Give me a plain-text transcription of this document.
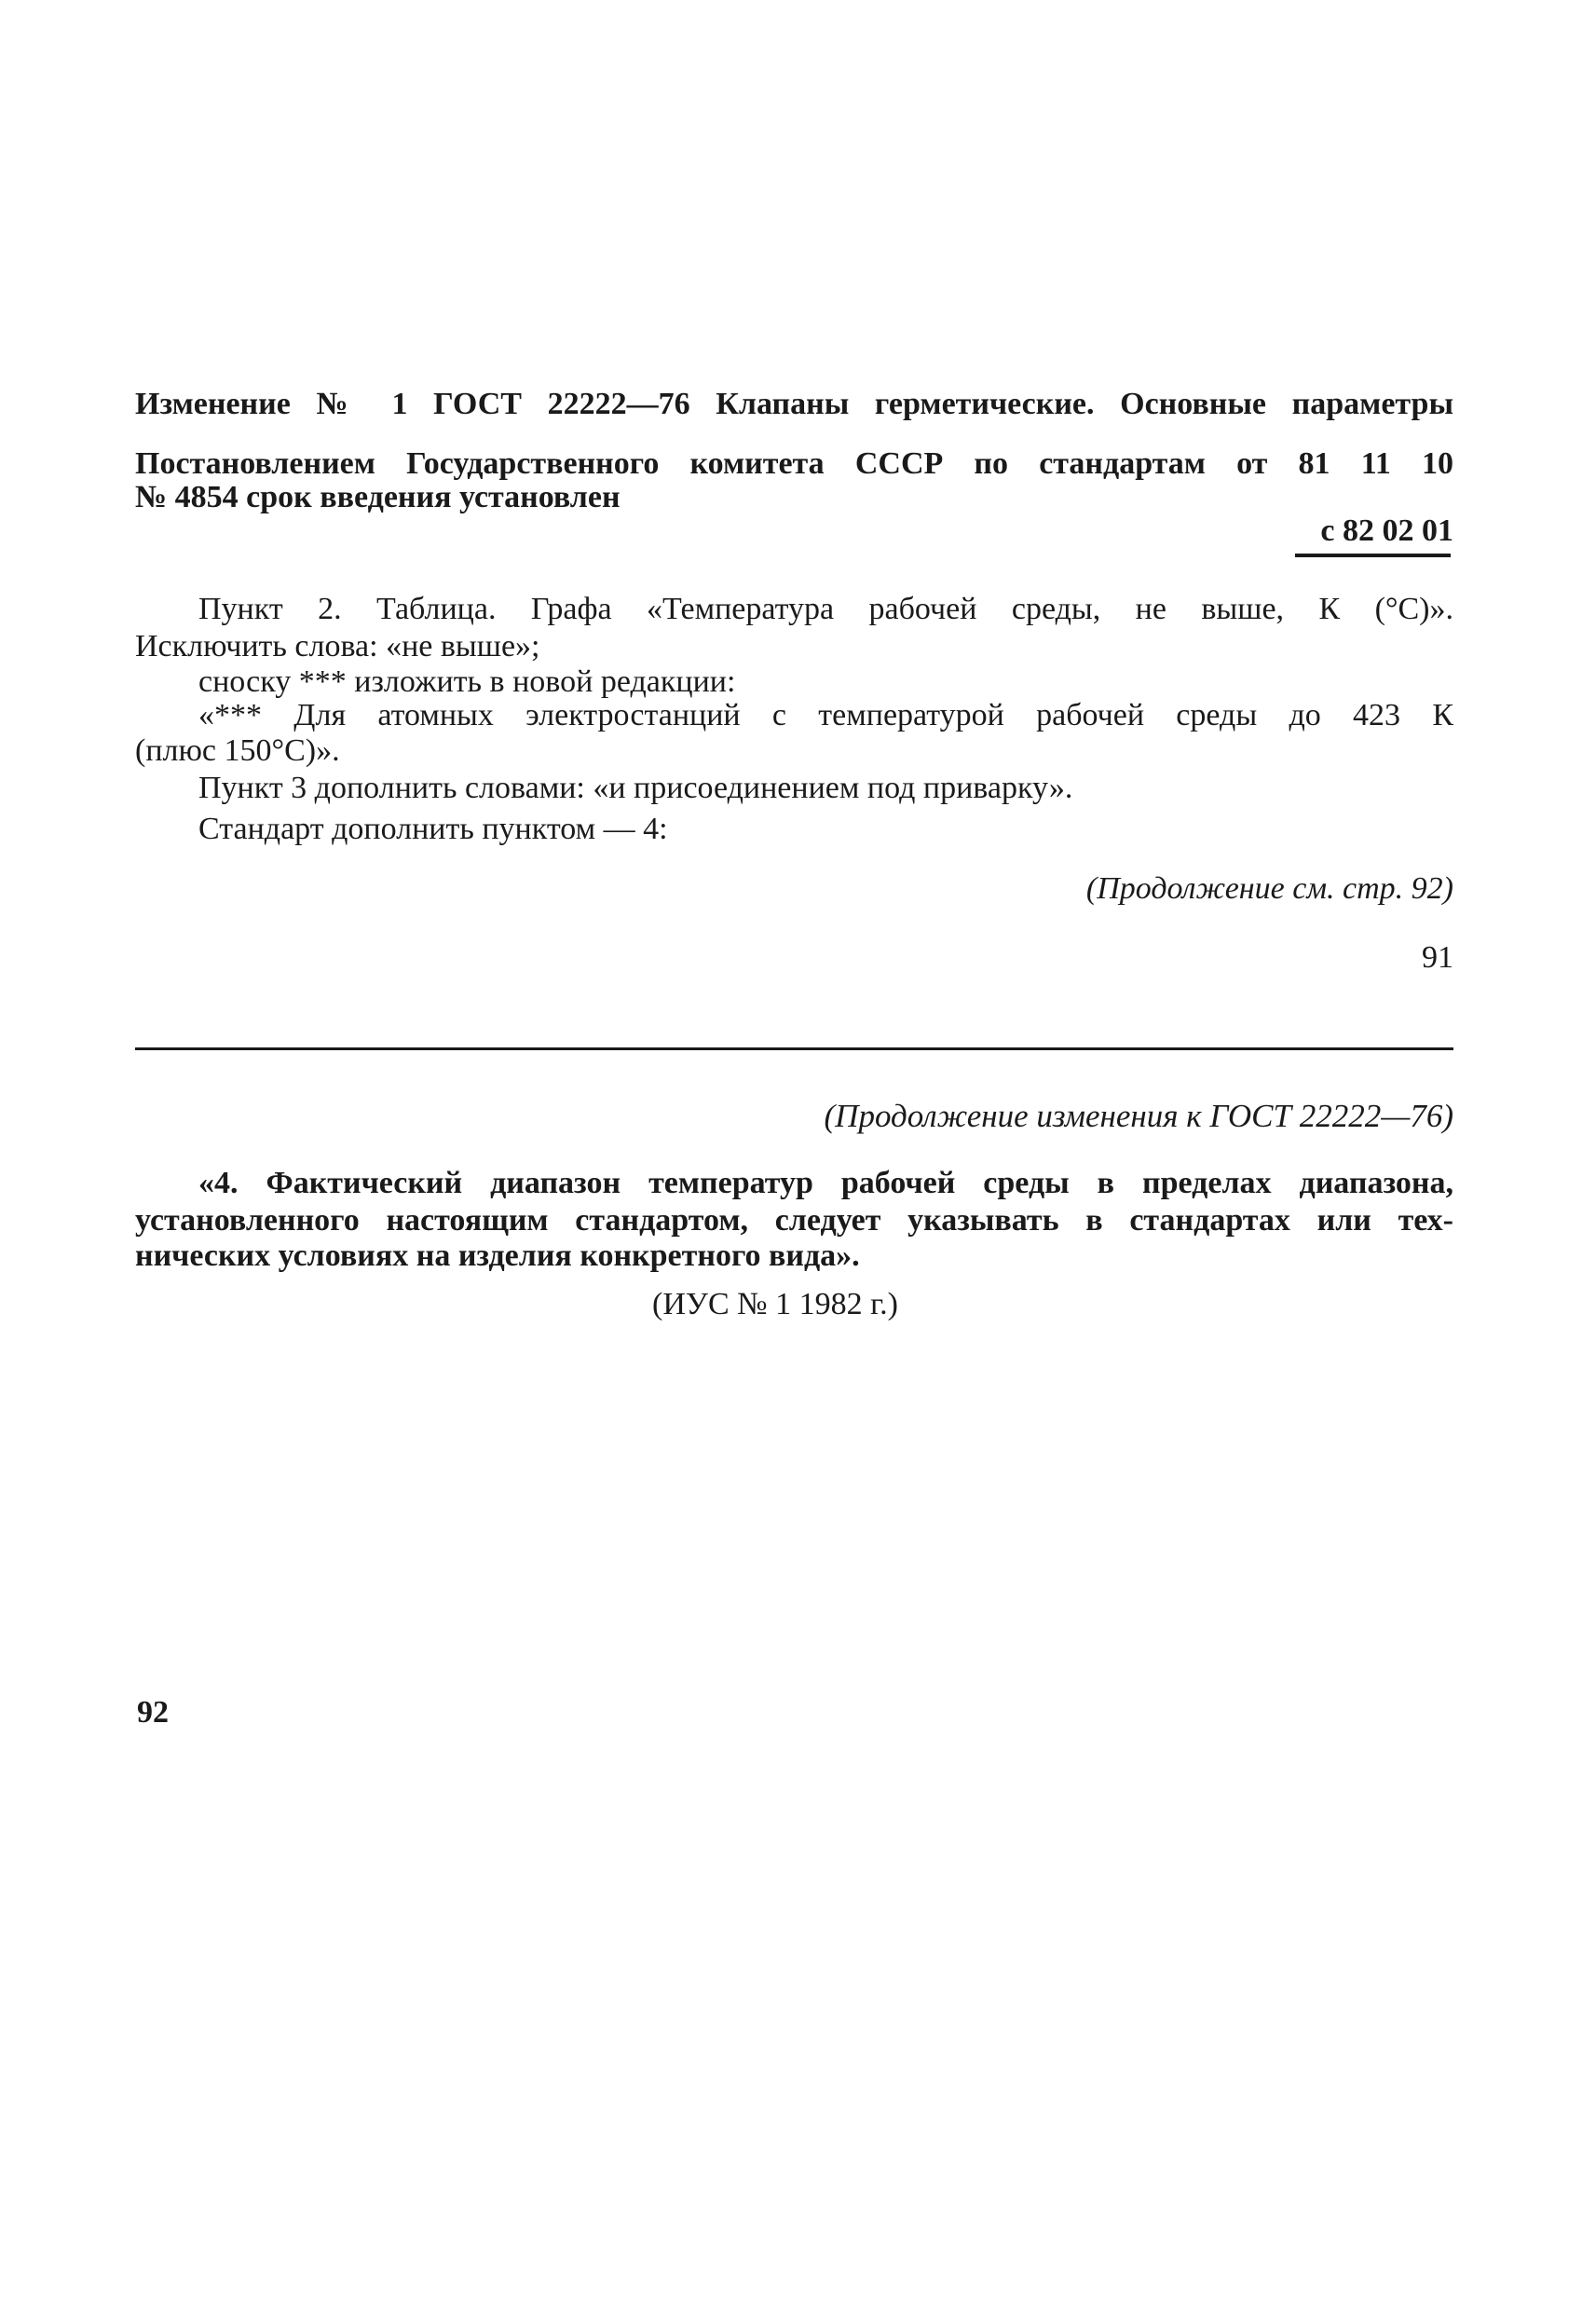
Изменение № 1 ГОСТ 22222—76 Клапаны герметические. Основные параметры
Постановлением Государственного комитета СССР по стандартам от 81 11 10
№ 4854 срок введения установлен
с 82 02 01
Пункт 2. Таблица. Графа «Температура рабочей среды, не выше, К (°C)».
Исключить слова: «не выше»;
сноску *** изложить в новой редакции:
«*** Для атомных электростанций с температурой рабочей среды до 423 К
(плюс 150°C)».
Пункт 3 дополнить словами: «и присоединением под приварку».
Стандарт дополнить пунктом — 4:
(Продолжение см. стр. 92)
91
(Продолжение изменения к ГОСТ 22222—76)
«4. Фактический диапазон температур рабочей среды в пределах диапазона,
установленного настоящим стандартом, следует указывать в стандартах или тех-
нических условиях на изделия конкретного вида».
(ИУС № 1 1982 г.)
92
